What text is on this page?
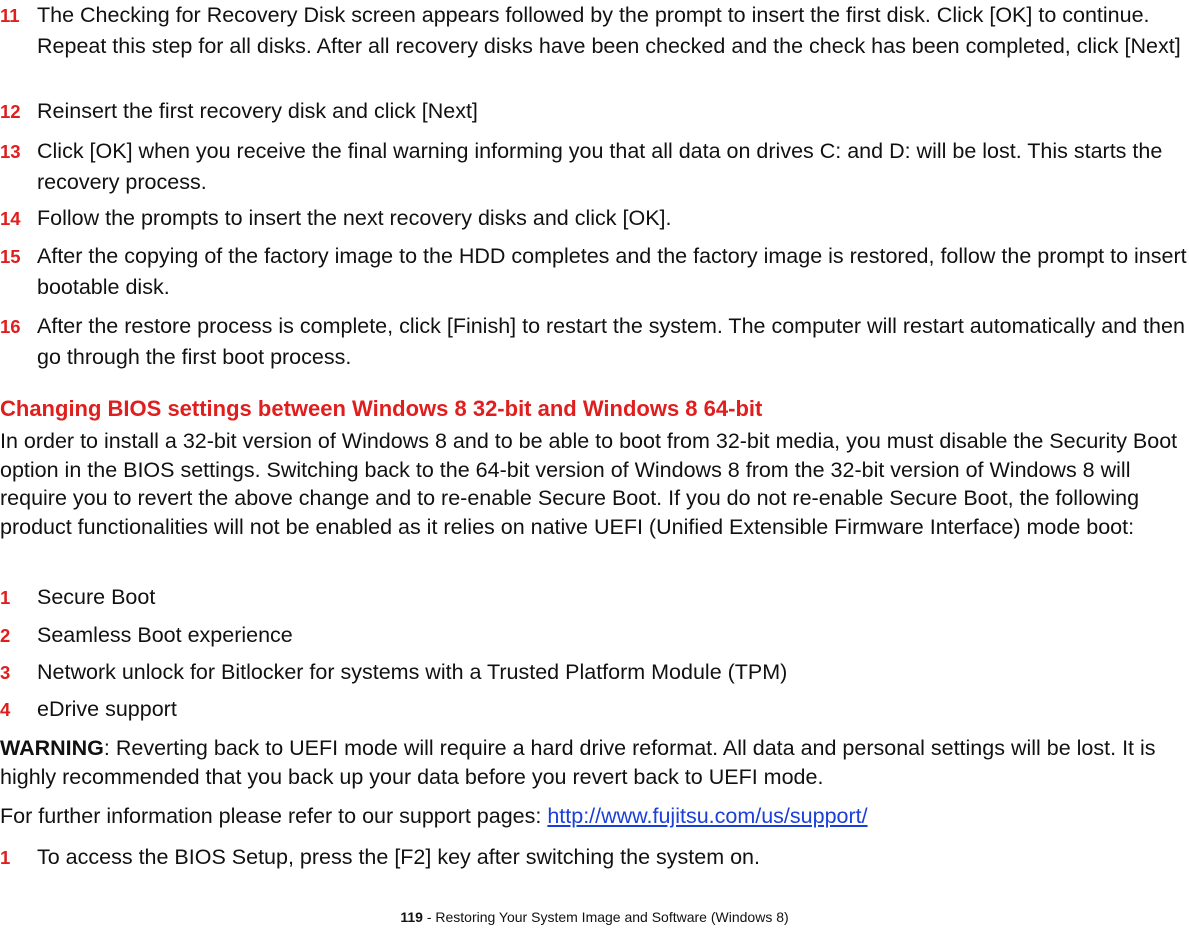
11 The Checking for Recovery Disk screen appears followed by the prompt to insert the first disk. Click [OK] to continue. Repeat this step for all disks. After all recovery disks have been checked and the check has been completed, click [Next]
12 Reinsert the first recovery disk and click [Next]
13 Click [OK] when you receive the final warning informing you that all data on drives C: and D: will be lost. This starts the recovery process.
14 Follow the prompts to insert the next recovery disks and click [OK].
15 After the copying of the factory image to the HDD completes and the factory image is restored, follow the prompt to insert bootable disk.
16 After the restore process is complete, click [Finish] to restart the system. The computer will restart automatically and then go through the first boot process.
Changing BIOS settings between Windows 8 32-bit and Windows 8 64-bit
In order to install a 32-bit version of Windows 8 and to be able to boot from 32-bit media, you must disable the Security Boot option in the BIOS settings. Switching back to the 64-bit version of Windows 8 from the 32-bit version of Windows 8 will require you to revert the above change and to re-enable Secure Boot. If you do not re-enable Secure Boot, the following product functionalities will not be enabled as it relies on native UEFI (Unified Extensible Firmware Interface) mode boot:
1 Secure Boot
2 Seamless Boot experience
3 Network unlock for Bitlocker for systems with a Trusted Platform Module (TPM)
4 eDrive support
WARNING: Reverting back to UEFI mode will require a hard drive reformat. All data and personal settings will be lost. It is highly recommended that you back up your data before you revert back to UEFI mode.
For further information please refer to our support pages: http://www.fujitsu.com/us/support/
1 To access the BIOS Setup, press the [F2] key after switching the system on.
119 - Restoring Your System Image and Software (Windows 8)
